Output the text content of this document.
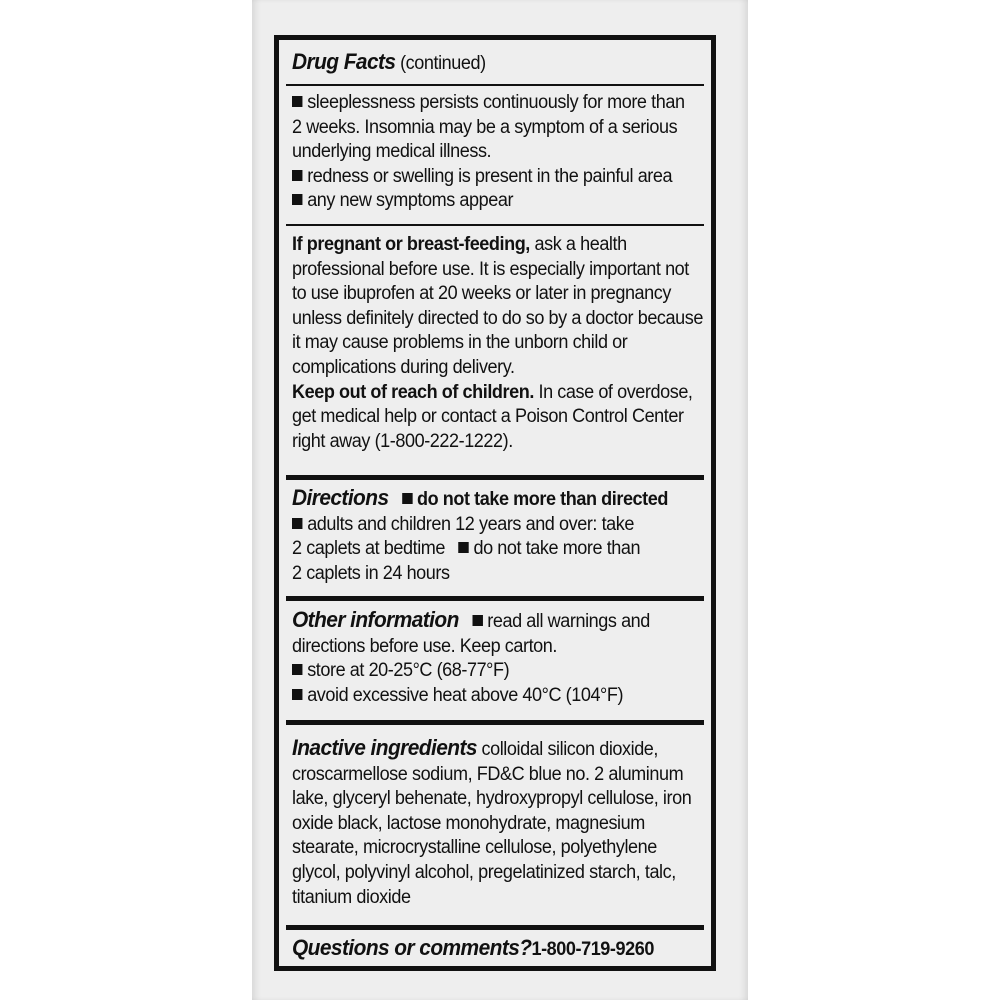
Drug Facts (continued)
sleeplessness persists continuously for more than
2 weeks. Insomnia may be a symptom of a serious
underlying medical illness.
redness or swelling is present in the painful area
any new symptoms appear
If pregnant or breast-feeding, ask a health
professional before use. It is especially important not
to use ibuprofen at 20 weeks or later in pregnancy
unless definitely directed to do so by a doctor because
it may cause problems in the unborn child or
complications during delivery.
Keep out of reach of children. In case of overdose,
get medical help or contact a Poison Control Center
right away (1-800-222-1222).
Directions do not take more than directed
adults and children 12 years and over: take
2 caplets at bedtime do not take more than
2 caplets in 24 hours
Other information read all warnings and
directions before use. Keep carton.
store at 20-25°C (68-77°F)
avoid excessive heat above 40°C (104°F)
Inactive ingredients colloidal silicon dioxide,
croscarmellose sodium, FD&C blue no. 2 aluminum
lake, glyceryl behenate, hydroxypropyl cellulose, iron
oxide black, lactose monohydrate, magnesium
stearate, microcrystalline cellulose, polyethylene
glycol, polyvinyl alcohol, pregelatinized starch, talc,
titanium dioxide
Questions or comments?1-800-719-9260
